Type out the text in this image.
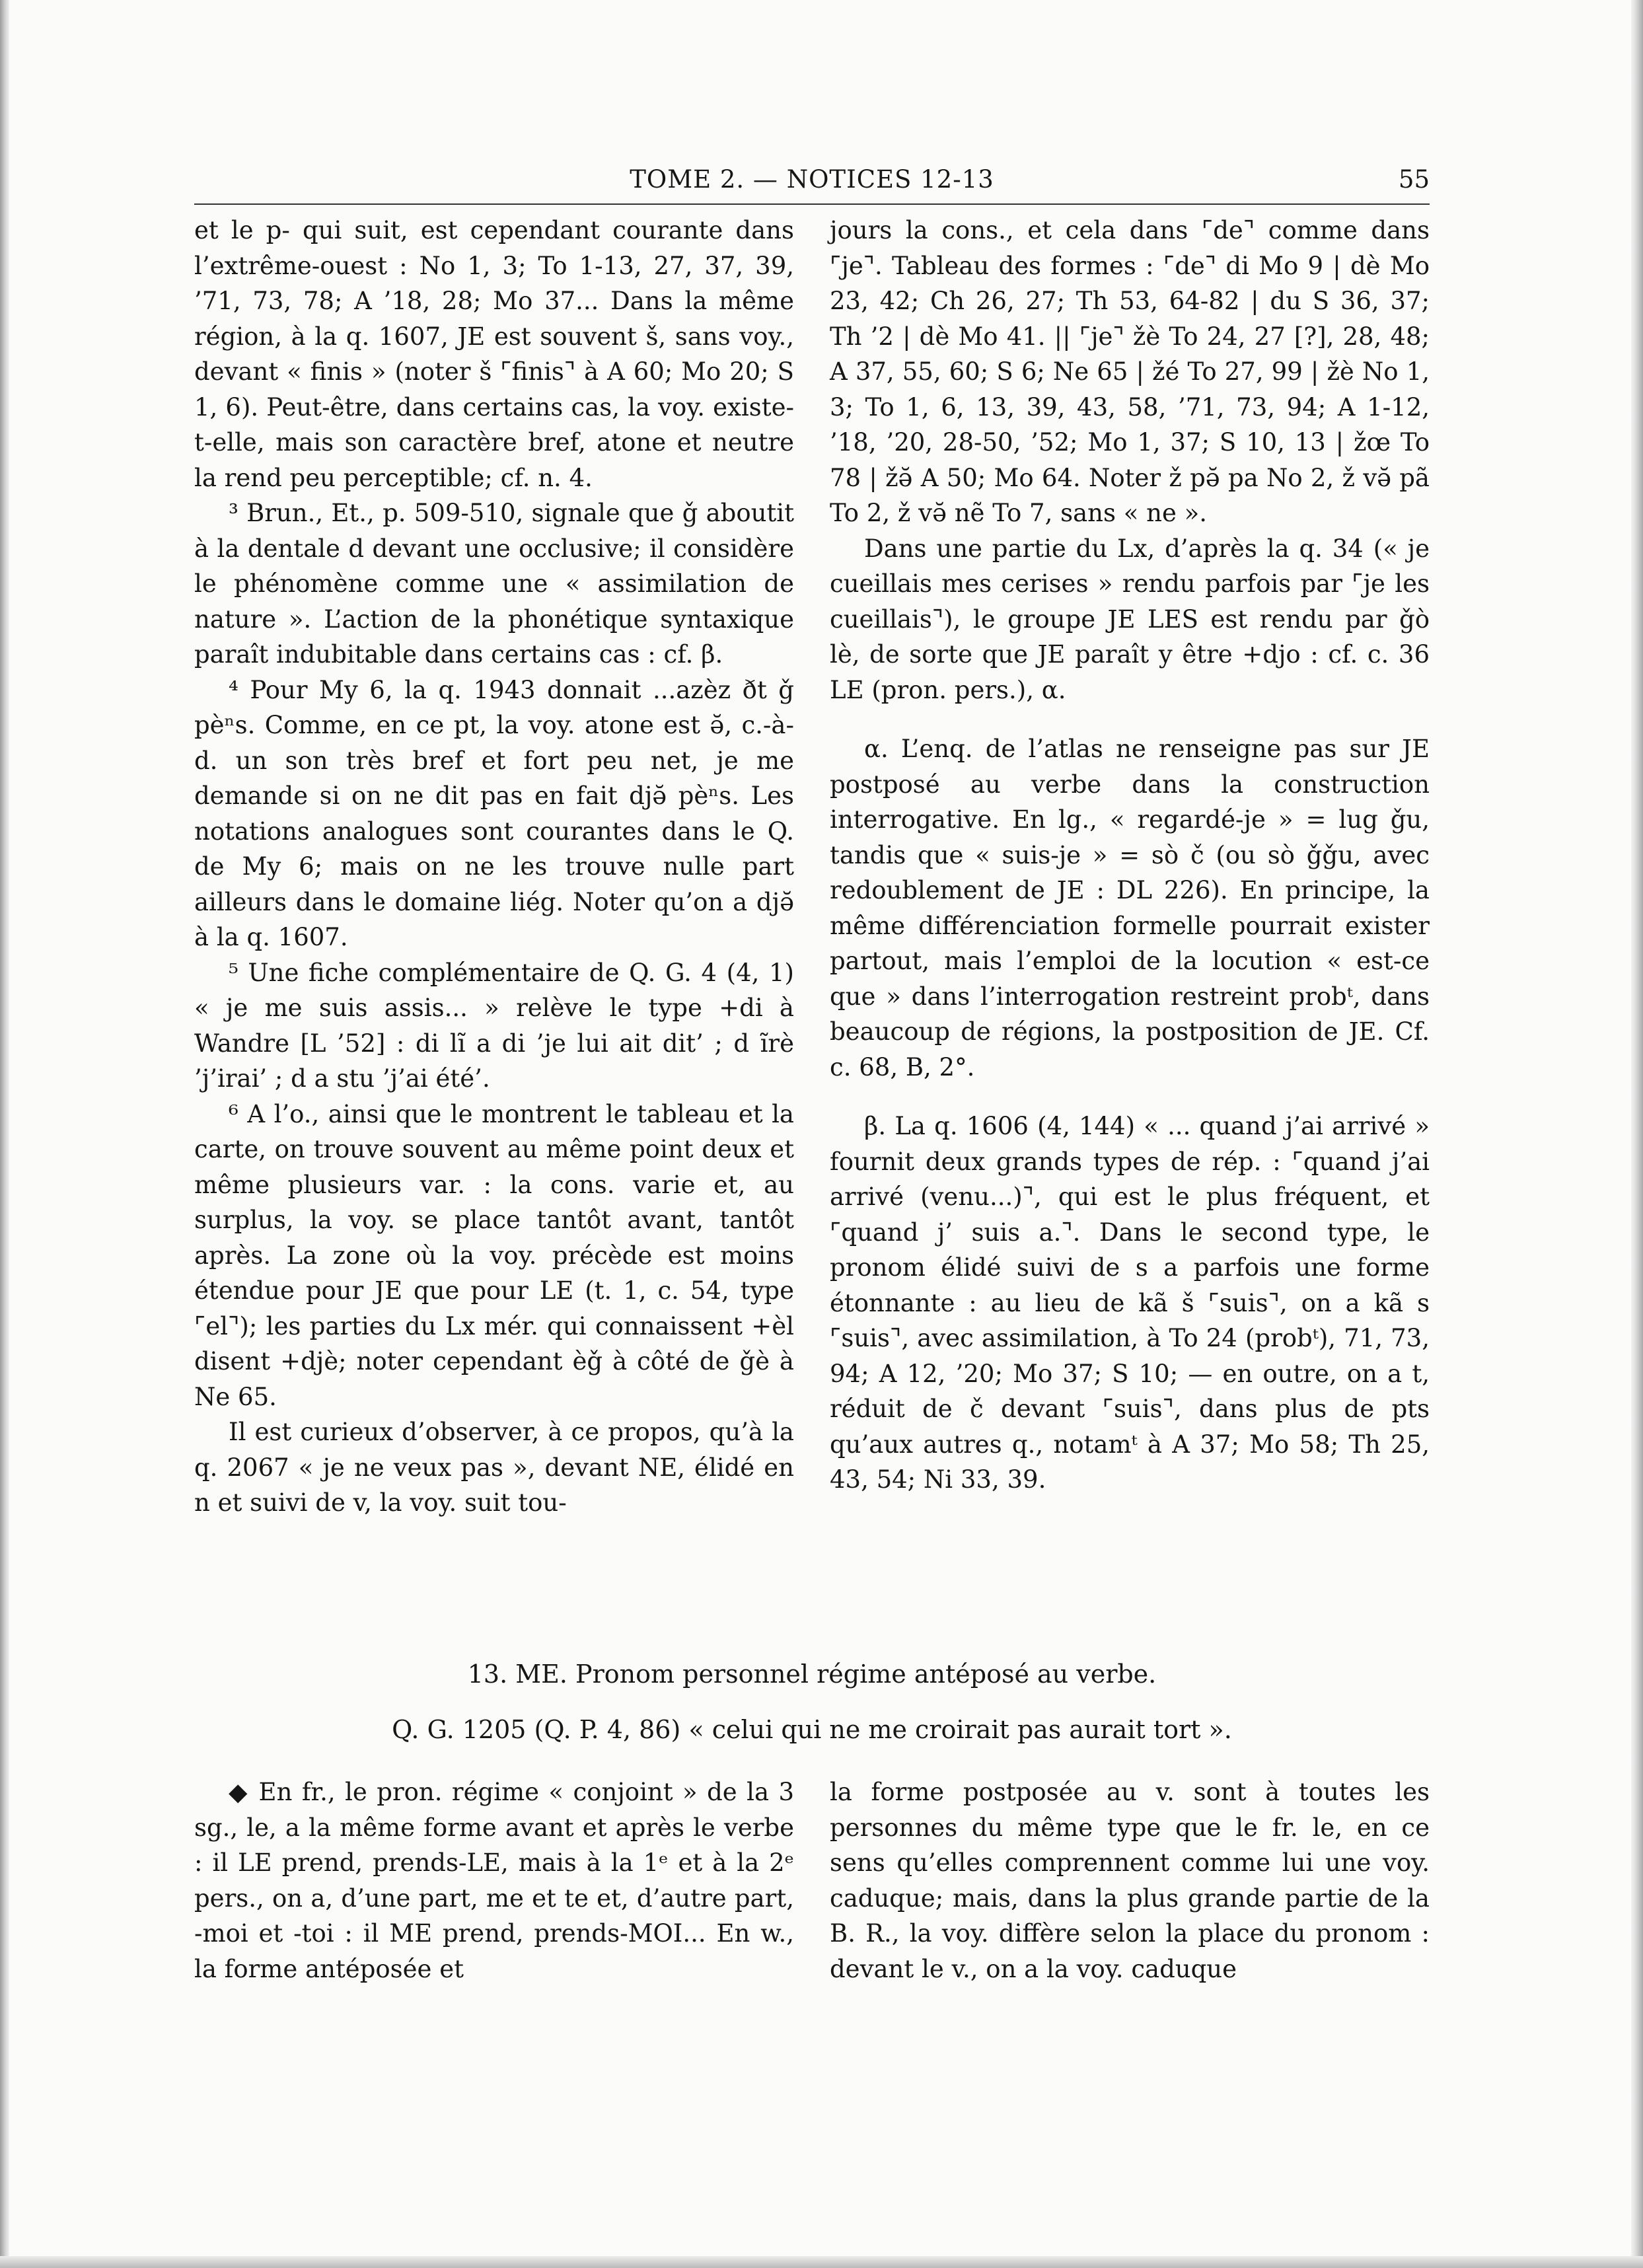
TOME 2. — NOTICES 12-13	55

et le p- qui suit, est cependant courante dans l’extrême-ouest : No 1, 3; To 1-13, 27, 37, 39, ’71, 73, 78; A ’18, 28; Mo 37... Dans la même région, à la q. 1607, JE est souvent š, sans voy., devant « finis » (noter š ⌜finis⌝ à A 60; Mo 20; S 1, 6). Peut-être, dans certains cas, la voy. existe-t-elle, mais son caractère bref, atone et neutre la rend peu perceptible; cf. n. 4.

³ Brun., Et., p. 509-510, signale que ǧ aboutit à la dentale d devant une occlusive; il considère le phénomène comme une « assimilation de nature ». L’action de la phonétique syntaxique paraît indubitable dans certains cas : cf. β.

⁴ Pour My 6, la q. 1943 donnait ...azèz ðt ǧ pèⁿs. Comme, en ce pt, la voy. atone est ə̆, c.-à-d. un son très bref et fort peu net, je me demande si on ne dit pas en fait djə̆ pèⁿs. Les notations analogues sont courantes dans le Q. de My 6; mais on ne les trouve nulle part ailleurs dans le domaine liég. Noter qu’on a djə̆ à la q. 1607.

⁵ Une fiche complémentaire de Q. G. 4 (4, 1) « je me suis assis... » relève le type +di à Wandre [L ’52] : di lĩ a di ’je lui ait dit’ ; d ĩrè ’j’irai’ ; d a stu ’j’ai été’.

⁶ A l’o., ainsi que le montrent le tableau et la carte, on trouve souvent au même point deux et même plusieurs var. : la cons. varie et, au surplus, la voy. se place tantôt avant, tantôt après. La zone où la voy. précède est moins étendue pour JE que pour LE (t. 1, c. 54, type ⌜el⌝); les parties du Lx mér. qui connaissent +èl disent +djè; noter cependant èǧ à côté de ǧè à Ne 65.

Il est curieux d’observer, à ce propos, qu’à la q. 2067 « je ne veux pas », devant NE, élidé en n et suivi de v, la voy. suit tou-

jours la cons., et cela dans ⌜de⌝ comme dans ⌜je⌝. Tableau des formes : ⌜de⌝ di Mo 9 | dè Mo 23, 42; Ch 26, 27; Th 53, 64-82 | du S 36, 37; Th ’2 | dè Mo 41. || ⌜je⌝ žè To 24, 27 [?], 28, 48; A 37, 55, 60; S 6; Ne 65 | žé To 27, 99 | žè No 1, 3; To 1, 6, 13, 39, 43, 58, ’71, 73, 94; A 1-12, ’18, ’20, 28-50, ’52; Mo 1, 37; S 10, 13 | žœ To 78 | žə̆ A 50; Mo 64. Noter ž pə̆ pa No 2, ž və̆ pã To 2, ž və̆ nẽ To 7, sans « ne ».

Dans une partie du Lx, d’après la q. 34 (« je cueillais mes cerises » rendu parfois par ⌜je les cueillais⌝), le groupe JE LES est rendu par ǧò lè, de sorte que JE paraît y être +djo : cf. c. 36 LE (pron. pers.), α.

α. L’enq. de l’atlas ne renseigne pas sur JE postposé au verbe dans la construction interrogative. En lg., « regardé-je » = lug ǧu, tandis que « suis-je » = sò č (ou sò ǧǧu, avec redoublement de JE : DL 226). En principe, la même différenciation formelle pourrait exister partout, mais l’emploi de la locution « est-ce que » dans l’interrogation restreint probᵗ, dans beaucoup de régions, la postposition de JE. Cf. c. 68, B, 2°.

β. La q. 1606 (4, 144) « ... quand j’ai arrivé » fournit deux grands types de rép. : ⌜quand j’ai arrivé (venu...)⌝, qui est le plus fréquent, et ⌜quand j’ suis a.⌝. Dans le second type, le pronom élidé suivi de s a parfois une forme étonnante : au lieu de kã š ⌜suis⌝, on a kã s ⌜suis⌝, avec assimilation, à To 24 (probᵗ), 71, 73, 94; A 12, ’20; Mo 37; S 10; — en outre, on a t, réduit de č devant ⌜suis⌝, dans plus de pts qu’aux autres q., notamᵗ à A 37; Mo 58; Th 25, 43, 54; Ni 33, 39.

13. ME. Pronom personnel régime antéposé au verbe.
Q. G. 1205 (Q. P. 4, 86) « celui qui ne me croirait pas aurait tort ».

◆ En fr., le pron. régime « conjoint » de la 3 sg., le, a la même forme avant et après le verbe : il LE prend, prends-LE, mais à la 1ᵉ et à la 2ᵉ pers., on a, d’une part, me et te et, d’autre part, -moi et -toi : il ME prend, prends-MOI... En w., la forme antéposée et

la forme postposée au v. sont à toutes les personnes du même type que le fr. le, en ce sens qu’elles comprennent comme lui une voy. caduque; mais, dans la plus grande partie de la B. R., la voy. diffère selon la place du pronom : devant le v., on a la voy. caduque
